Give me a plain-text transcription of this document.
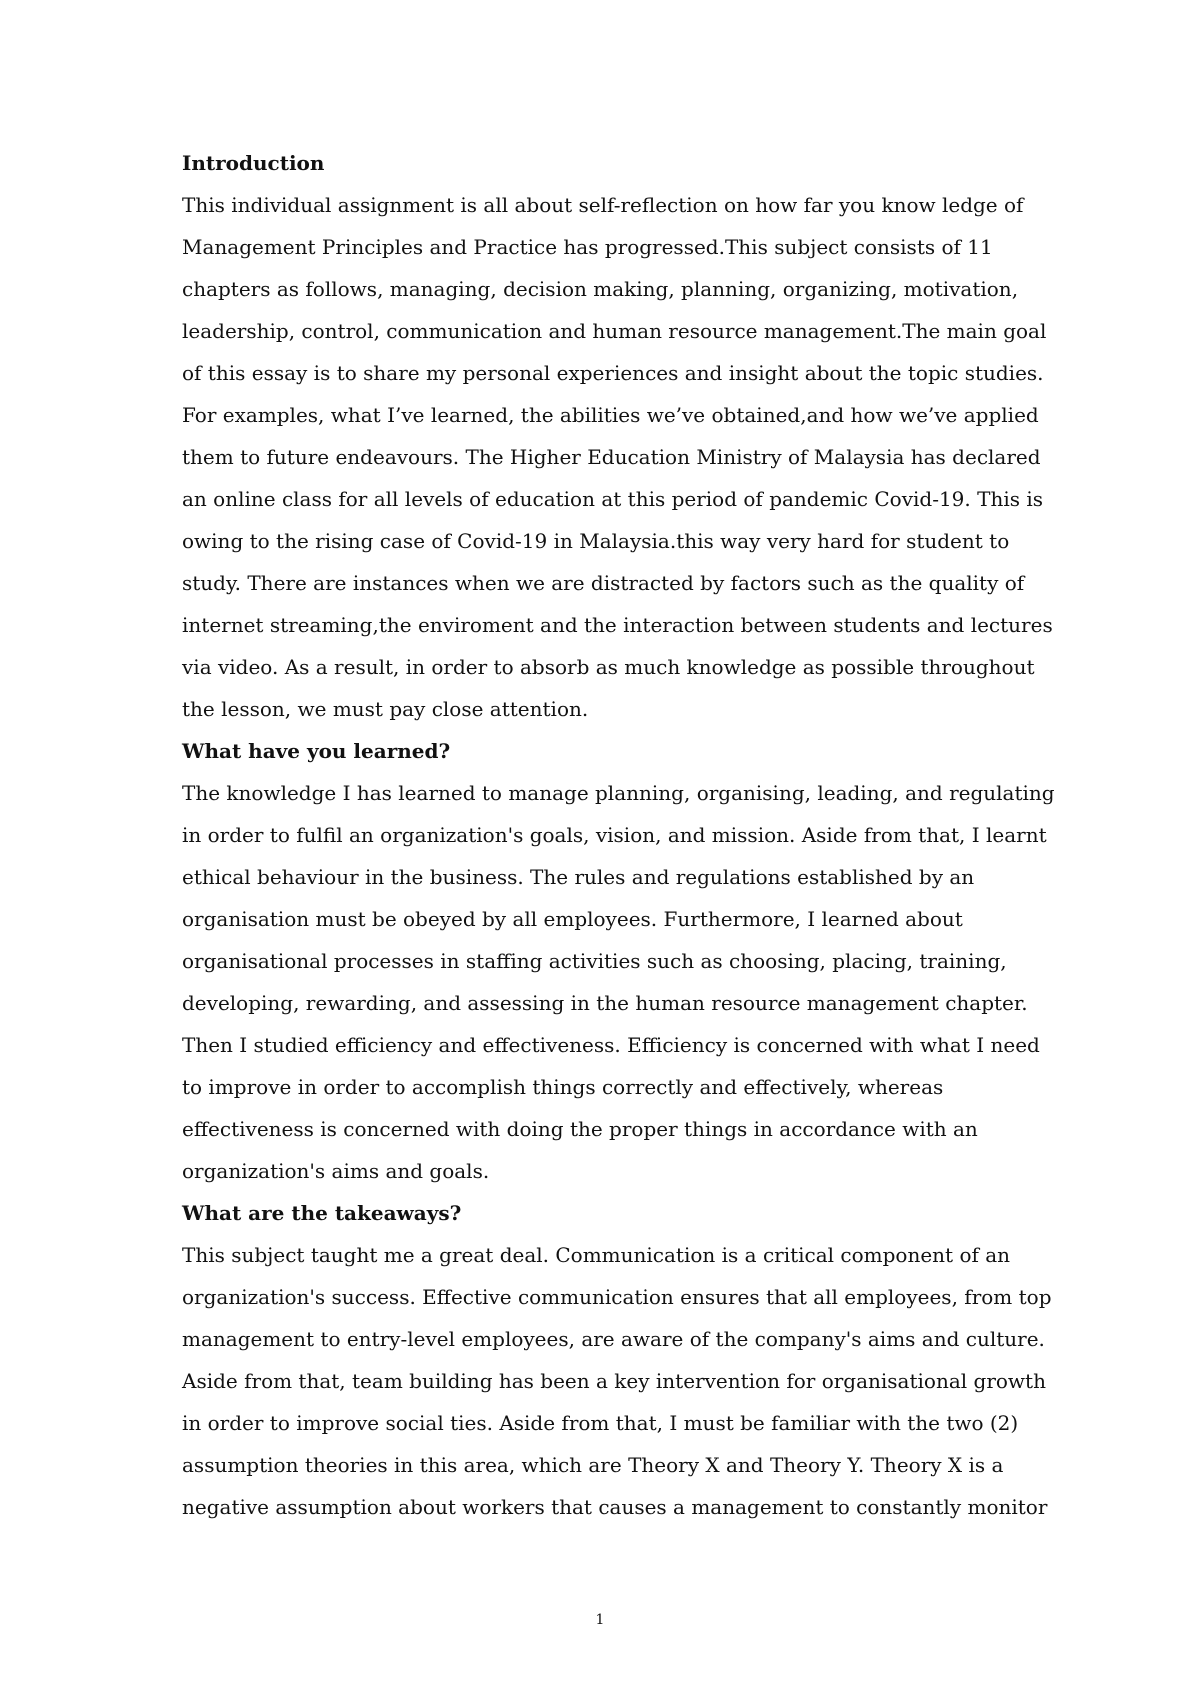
Introduction

This individual assignment is all about self-reflection on how far you know ledge of
Management Principles and Practice has progressed.This subject consists of 11
chapters as follows, managing, decision making, planning, organizing, motivation,
leadership, control, communication and human resource management.The main goal
of this essay is to share my personal experiences and insight about the topic studies.
For examples, what I’ve learned, the abilities we’ve obtained,and how we’ve applied
them to future endeavours. The Higher Education Ministry of Malaysia has declared
an online class for all levels of education at this period of pandemic Covid-19. This is
owing to the rising case of Covid-19 in Malaysia.this way very hard for student to
study. There are instances when we are distracted by factors such as the quality of
internet streaming,the enviroment and the interaction between students and lectures
via video. As a result, in order to absorb as much knowledge as possible throughout
the lesson, we must pay close attention.

What have you learned?

The knowledge I has learned to manage planning, organising, leading, and regulating
in order to fulfil an organization's goals, vision, and mission. Aside from that, I learnt
ethical behaviour in the business. The rules and regulations established by an
organisation must be obeyed by all employees. Furthermore, I learned about
organisational processes in staffing activities such as choosing, placing, training,
developing, rewarding, and assessing in the human resource management chapter.
Then I studied efficiency and effectiveness. Efficiency is concerned with what I need
to improve in order to accomplish things correctly and effectively, whereas
effectiveness is concerned with doing the proper things in accordance with an
organization's aims and goals.

What are the takeaways?

This subject taught me a great deal. Communication is a critical component of an
organization's success. Effective communication ensures that all employees, from top
management to entry-level employees, are aware of the company's aims and culture.
Aside from that, team building has been a key intervention for organisational growth
in order to improve social ties. Aside from that, I must be familiar with the two (2)
assumption theories in this area, which are Theory X and Theory Y. Theory X is a
negative assumption about workers that causes a management to constantly monitor

1
